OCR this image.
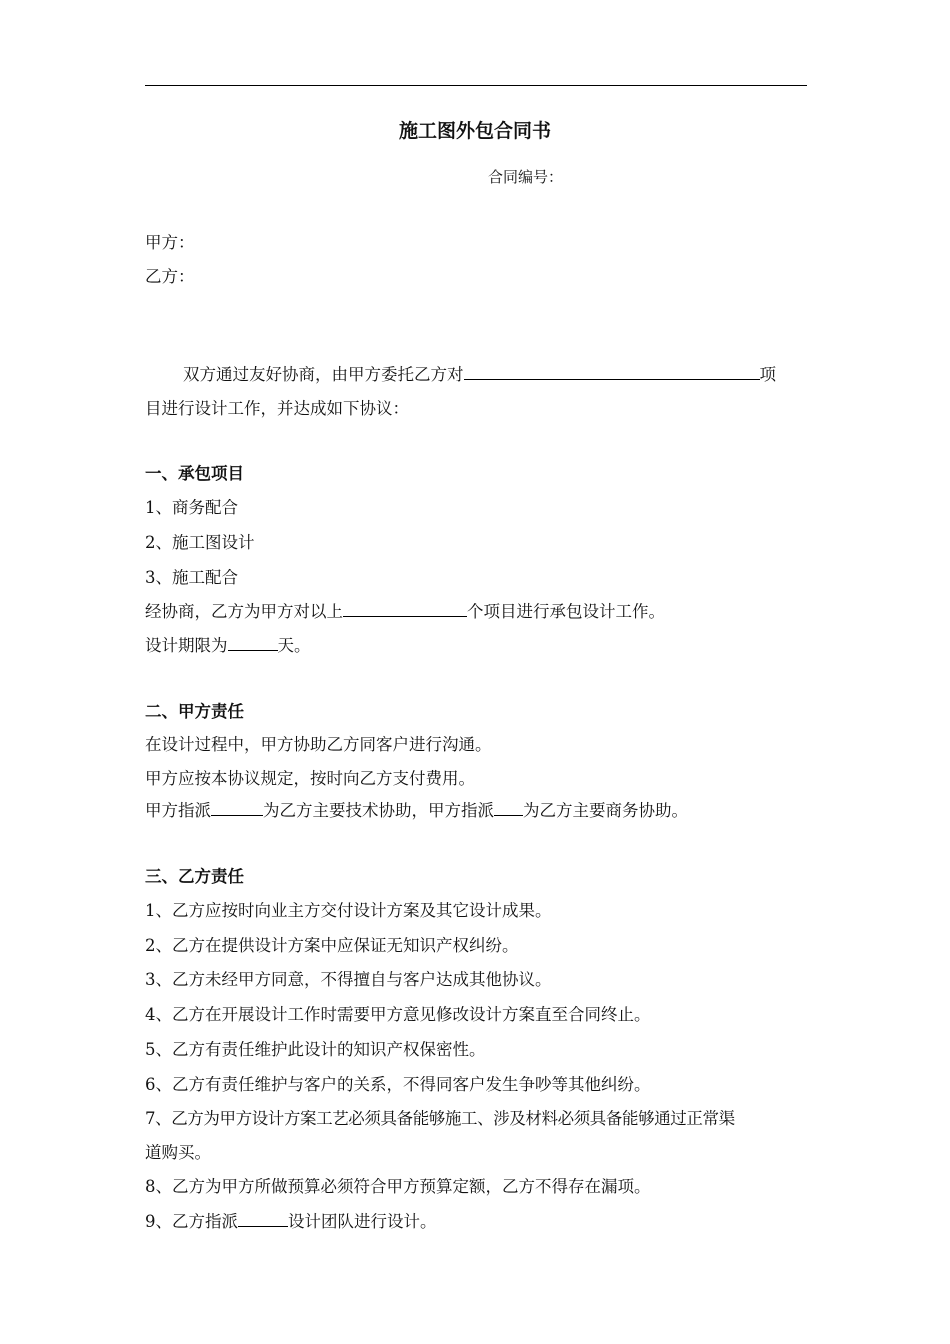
施工图外包合同书
合同编号：
甲方：
乙方：
双方通过友好协商，由甲方委托乙方对	项
目进行设计工作，并达成如下协议：
一、承包项目
1、商务配合
2、施工图设计
3、施工配合
经协商，乙方为甲方对以上	个项目进行承包设计工作。
设计期限为	天。
二、甲方责任
在设计过程中，甲方协助乙方同客户进行沟通。
甲方应按本协议规定，按时向乙方支付费用。
甲方指派	为乙方主要技术协助，甲方指派 为乙方主要商务协助。
三、乙方责任
1、乙方应按时向业主方交付设计方案及其它设计成果。
2、乙方在提供设计方案中应保证无知识产权纠纷。
3、乙方未经甲方同意，不得擅自与客户达成其他协议。
4、乙方在开展设计工作时需要甲方意见修改设计方案直至合同终止。
5、乙方有责任维护此设计的知识产权保密性。
6、乙方有责任维护与客户的关系，不得同客户发生争吵等其他纠纷。
7、乙方为甲方设计方案工艺必须具备能够施工、涉及材料必须具备能够通过正常渠
道购买。
8、乙方为甲方所做预算必须符合甲方预算定额，乙方不得存在漏项。
9、乙方指派	设计团队进行设计。
